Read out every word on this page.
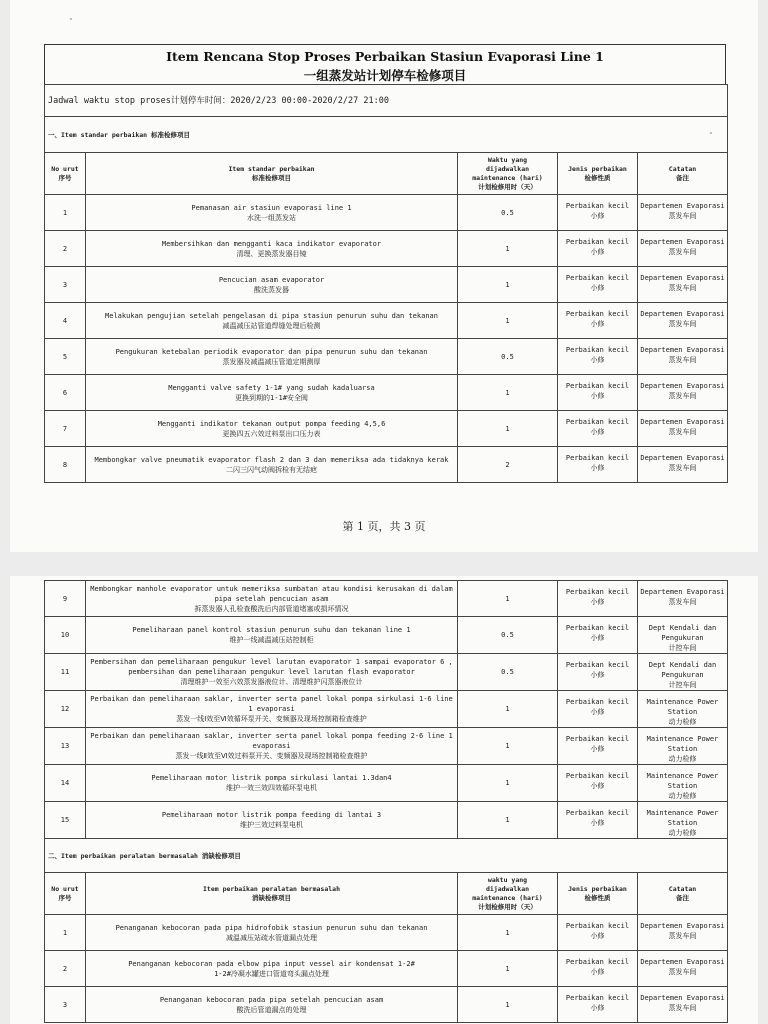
Item Rencana Stop Proses Perbaikan Stasiun Evaporasi Line 1
一组蒸发站计划停车检修项目
Jadwal waktu stop proses计划停车时间：2020/2/23 00:00-2020/2/27 21:00				
一、Item standar perbaikan 标准检修项目				

No urut
序号	Item standar perbaikan
标准检修项目	Waktu yang
dijadwalkan
maintenance (hari)
计划检修用时（天）	Jenis perbaikan
检修性质	Catatan
备注

1	Pemanasan air stasiun evaporasi line 1
水洗一组蒸发站	0.5	Perbaikan kecil
小修	Departemen Evaporasi
蒸发车间

2	Membersihkan dan mengganti kaca indikator evaporator
清理、更换蒸发器目镜	1	Perbaikan kecil
小修	Departemen Evaporasi
蒸发车间

3	Pencucian asam evaporator
酸洗蒸发器	1	Perbaikan kecil
小修	Departemen Evaporasi
蒸发车间

4	Melakukan pengujian setelah pengelasan di pipa stasiun penurun suhu dan tekanan
减温减压站管道焊缝处理后检测	1	Perbaikan kecil
小修	Departemen Evaporasi
蒸发车间

5	Pengukuran ketebalan periodik evaporator dan pipa penurun suhu dan tekanan
蒸发器及减温减压管道定期测厚	0.5	Perbaikan kecil
小修	Departemen Evaporasi
蒸发车间

6	Mengganti valve safety 1-1# yang sudah kadaluarsa
更换到期的1-1#安全阀	1	Perbaikan kecil
小修	Departemen Evaporasi
蒸发车间

7	Mengganti indikator tekanan output pompa feeding 4,5,6
更换四五六效过料泵出口压力表	1	Perbaikan kecil
小修	Departemen Evaporasi
蒸发车间

8	Membongkar valve pneumatik evaporator flash 2 dan 3 dan memeriksa ada tidaknya kerak
二闪三闪气动阀拆检有无结疤	2	Perbaikan kecil
小修	Departemen Evaporasi
蒸发车间
第 1 页，共 3 页
9	Membongkar manhole evaporator untuk memeriksa sumbatan atau kondisi kerusakan di dalam pipa setelah pencucian asam
拆蒸发器人孔检查酸洗后内部管道堵塞或损坏情况	1	Perbaikan kecil
小修	Departemen Evaporasi
蒸发车间

10	Pemeliharaan panel kontrol stasiun penurun suhu dan tekanan line 1
维护一线减温减压站控制柜	0.5	Perbaikan kecil
小修	Dept Kendali dan Pengukuran
计控车间

11	Pembersihan dan pemeliharaan pengukur level larutan evaporator 1 sampai evaporator 6 , pembersihan dan pemeliharaan pengukur level larutan flash evaporator
清理维护一效至六效蒸发器液位计、清理维护闪蒸器液位计	0.5	Perbaikan kecil
小修	Dept Kendali dan Pengukuran
计控车间

12	Perbaikan dan pemeliharaan saklar, inverter serta panel lokal pompa sirkulasi 1-6 line 1 evaporasi
蒸发一线Ⅰ效至Ⅵ效循环泵开关、变频器及现场控制箱检查维护	1	Perbaikan kecil
小修	Maintenance Power Station
动力检修

13	Perbaikan dan pemeliharaan saklar, inverter serta panel lokal pompa feeding 2-6 line 1 evaporasi
蒸发一线Ⅱ效至Ⅵ效过料泵开关、变频器及现场控制箱检查维护	1	Perbaikan kecil
小修	Maintenance Power Station
动力检修

14	Pemeliharaan motor listrik pompa sirkulasi lantai 1.3dan4
维护一效三效四效循环泵电机	1	Perbaikan kecil
小修	Maintenance Power Station
动力检修

15	Pemeliharaan motor listrik pompa feeding di lantai 3
维护三效过料泵电机	1	Perbaikan kecil
小修	Maintenance Power Station
动力检修

二、Item perbaikan peralatan bermasalah 消缺检修项目				

No urut
序号	Item perbaikan peralatan bermasalah
消缺检修项目	waktu yang
dijadwalkan
maintenance (hari)
计划检修用时（天）	Jenis perbaikan
检修性质	Catatan
备注

1	Penanganan kebocoran pada pipa hidrofobik stasiun penurun suhu dan tekanan
减温减压站疏水管道漏点处理	1	Perbaikan kecil
小修	Departemen Evaporasi
蒸发车间

2	Penanganan kebocoran pada elbow pipa input vessel air kondensat 1-2#
1-2#冷凝水罐进口管道弯头漏点处理	1	Perbaikan kecil
小修	Departemen Evaporasi
蒸发车间

3	Penanganan kebocoran pada pipa setelah pencucian asam
酸洗后管道漏点的处理	1	Perbaikan kecil
小修	Departemen Evaporasi
蒸发车间
